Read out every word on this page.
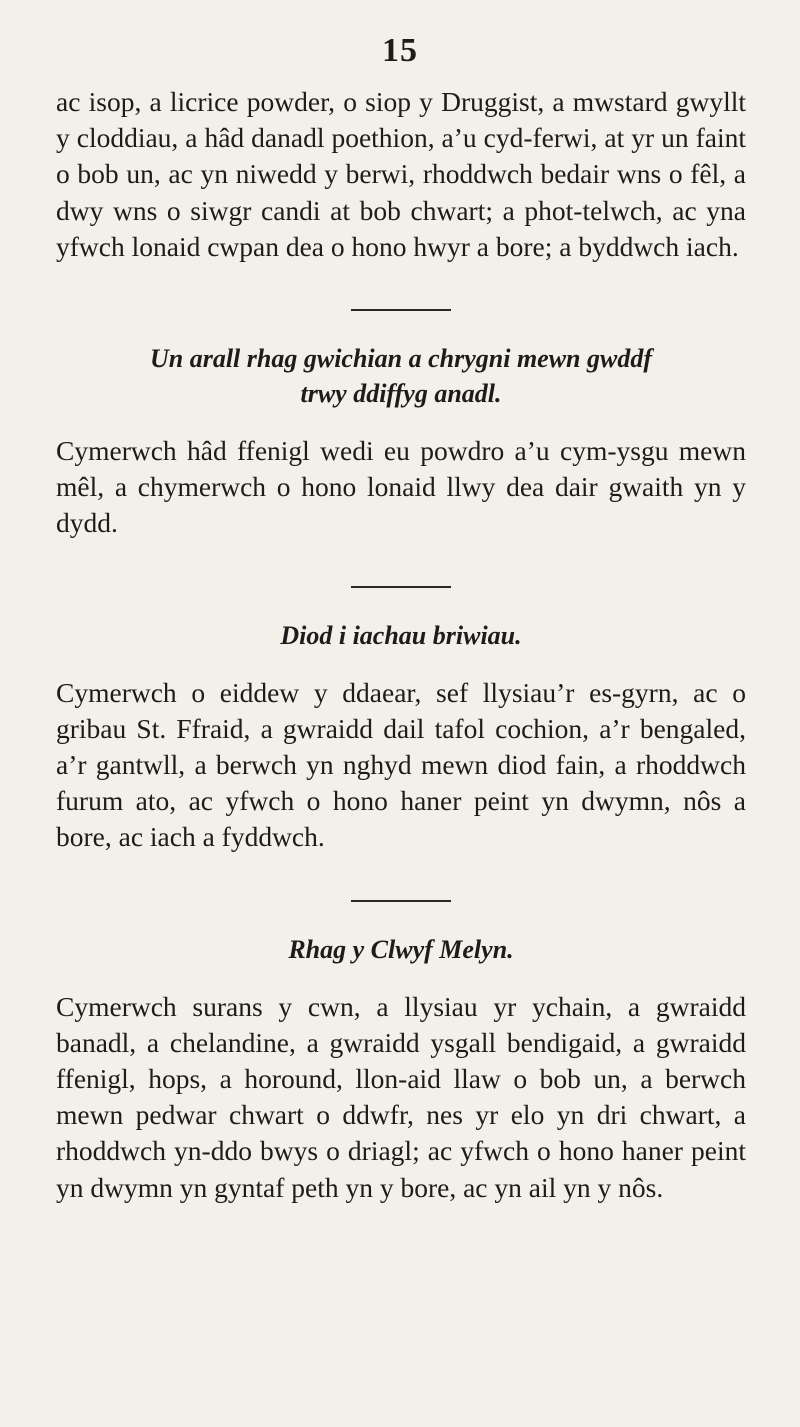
15

ac isop, a licrice powder, o siop y Druggist, a mwstard gwyllt y cloddiau, a hâd danadl poethion, a’u cyd-ferwi, at yr un faint o bob un, ac yn niwedd y berwi, rhoddwch bedair wns o fêl, a dwy wns o siwgr candi at bob chwart; a phot-telwch, ac yna yfwch lonaid cwpan dea o hono hwyr a bore; a byddwch iach.

Un arall rhag gwichian a chrygni mewn gwddf
trwy ddiffyg anadl.

Cymerwch hâd ffenigl wedi eu powdro a’u cym-ysgu mewn mêl, a chymerwch o hono lonaid llwy dea dair gwaith yn y dydd.

Diod i iachau briwiau.

Cymerwch o eiddew y ddaear, sef llysiau’r es-gyrn, ac o gribau St. Ffraid, a gwraidd dail tafol cochion, a’r bengaled, a’r gantwll, a berwch yn nghyd mewn diod fain, a rhoddwch furum ato, ac yfwch o hono haner peint yn dwymn, nôs a bore, ac iach a fyddwch.

Rhag y Clwyf Melyn.

Cymerwch surans y cwn, a llysiau yr ychain, a gwraidd banadl, a chelandine, a gwraidd ysgall bendigaid, a gwraidd ffenigl, hops, a horound, llon-aid llaw o bob un, a berwch mewn pedwar chwart o ddwfr, nes yr elo yn dri chwart, a rhoddwch yn-ddo bwys o driagl; ac yfwch o hono haner peint yn dwymn yn gyntaf peth yn y bore, ac yn ail yn y nôs.
